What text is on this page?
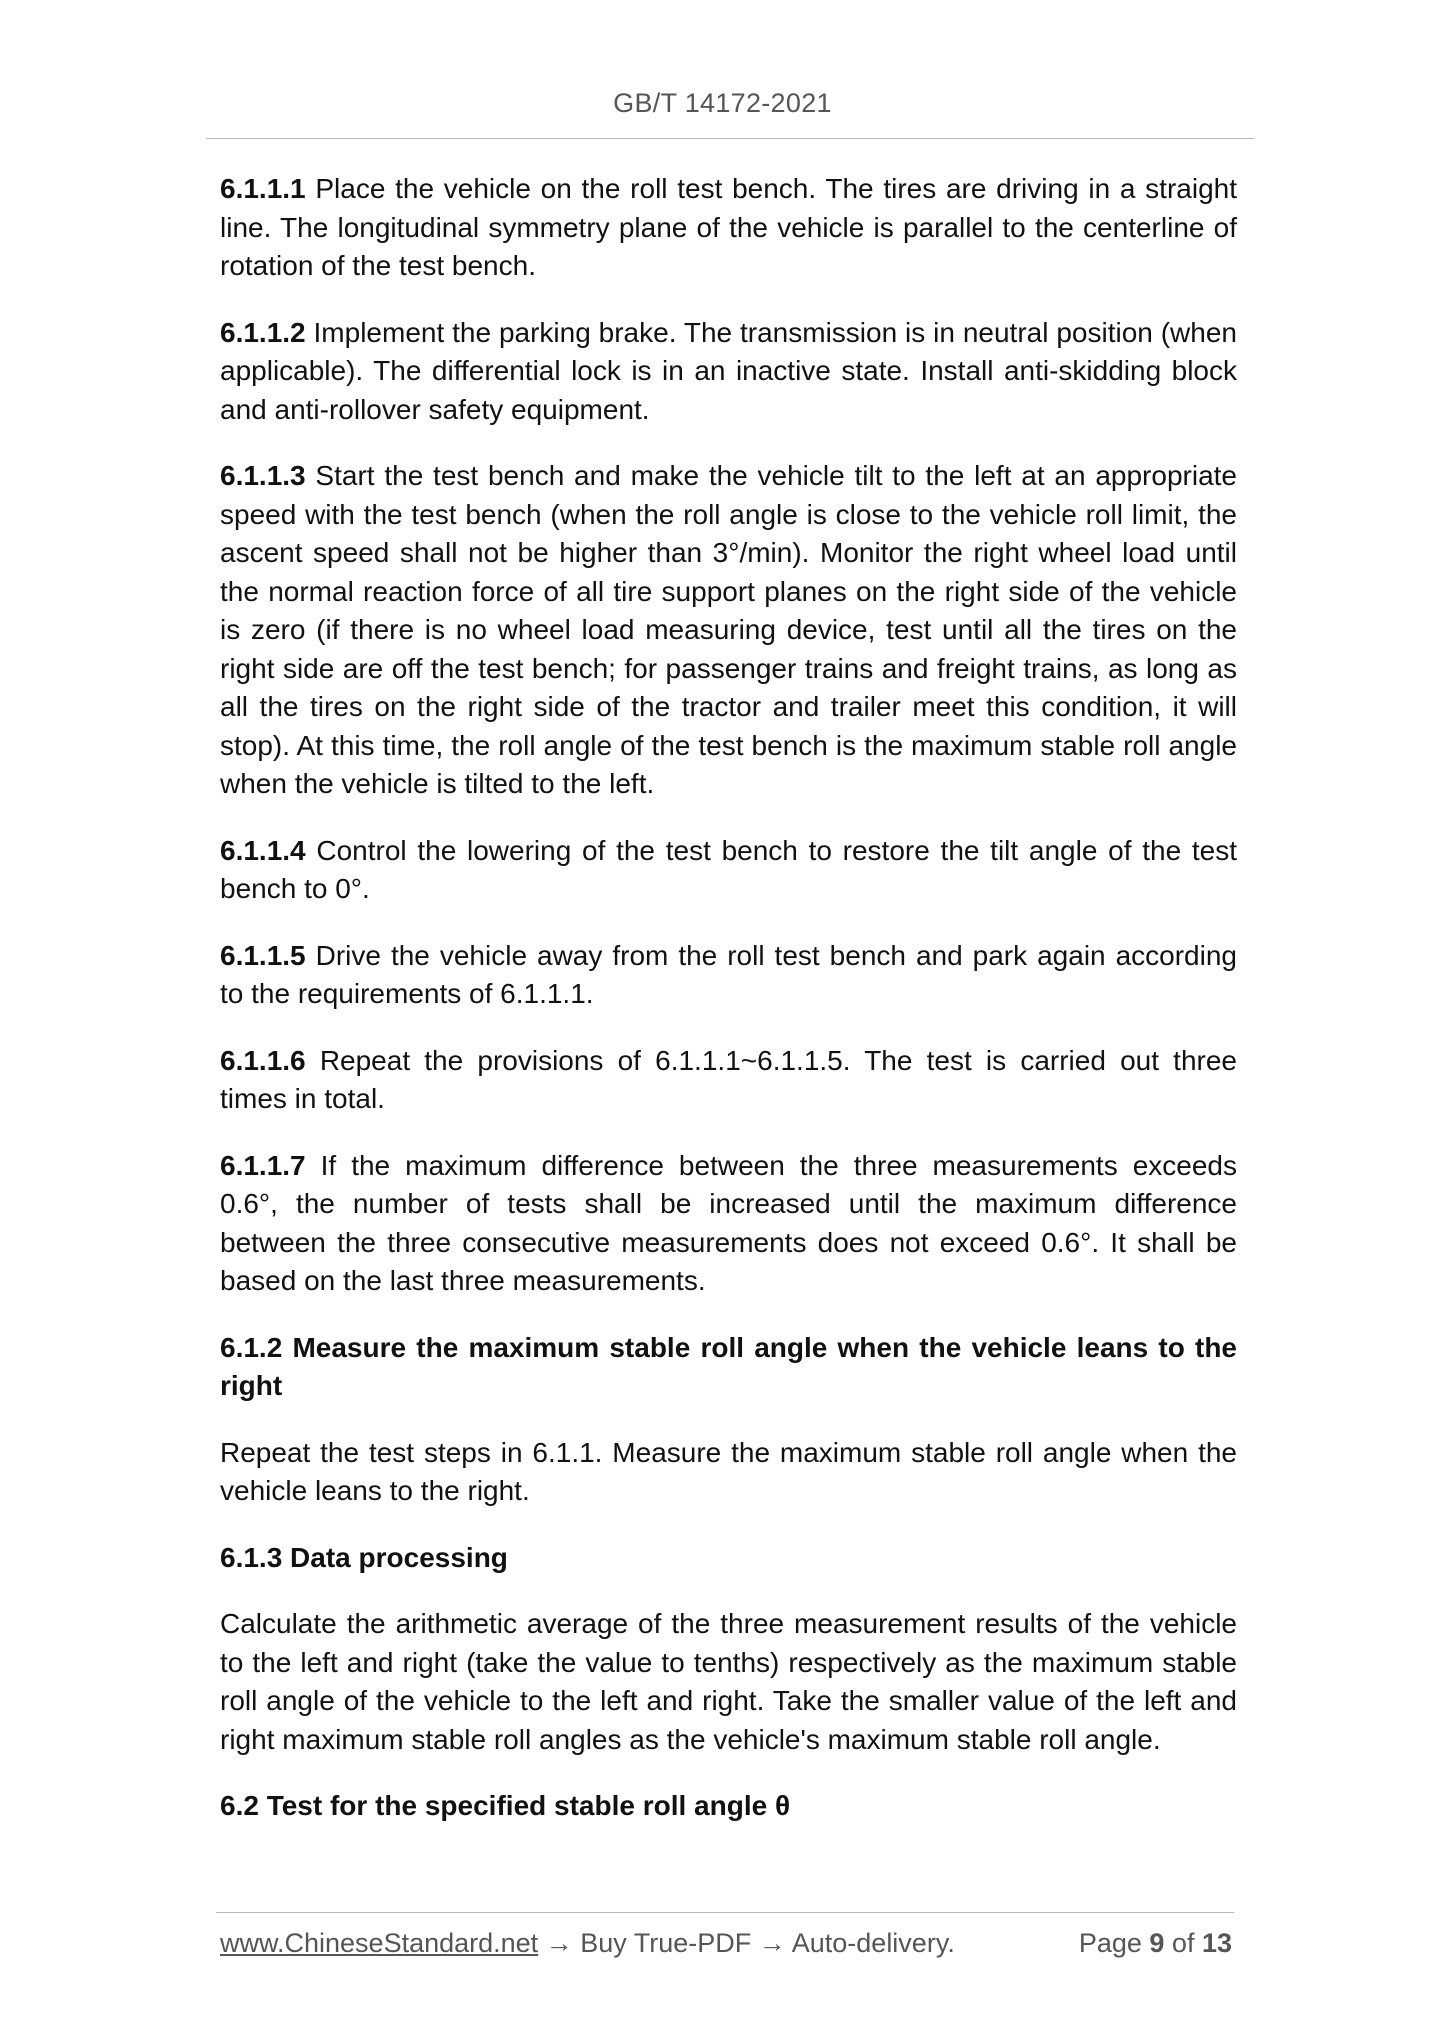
GB/T 14172-2021

6.1.1.1 Place the vehicle on the roll test bench. The tires are driving in a straight line. The longitudinal symmetry plane of the vehicle is parallel to the centerline of rotation of the test bench.

6.1.1.2 Implement the parking brake. The transmission is in neutral position (when applicable). The differential lock is in an inactive state. Install anti-skidding block and anti-rollover safety equipment.

6.1.1.3 Start the test bench and make the vehicle tilt to the left at an appropriate speed with the test bench (when the roll angle is close to the vehicle roll limit, the ascent speed shall not be higher than 3°/min). Monitor the right wheel load until the normal reaction force of all tire support planes on the right side of the vehicle is zero (if there is no wheel load measuring device, test until all the tires on the right side are off the test bench; for passenger trains and freight trains, as long as all the tires on the right side of the tractor and trailer meet this condition, it will stop). At this time, the roll angle of the test bench is the maximum stable roll angle when the vehicle is tilted to the left.

6.1.1.4 Control the lowering of the test bench to restore the tilt angle of the test bench to 0°.

6.1.1.5 Drive the vehicle away from the roll test bench and park again according to the requirements of 6.1.1.1.

6.1.1.6 Repeat the provisions of 6.1.1.1~6.1.1.5. The test is carried out three times in total.

6.1.1.7 If the maximum difference between the three measurements exceeds 0.6°, the number of tests shall be increased until the maximum difference between the three consecutive measurements does not exceed 0.6°. It shall be based on the last three measurements.

6.1.2 Measure the maximum stable roll angle when the vehicle leans to the right

Repeat the test steps in 6.1.1. Measure the maximum stable roll angle when the vehicle leans to the right.

6.1.3 Data processing

Calculate the arithmetic average of the three measurement results of the vehicle to the left and right (take the value to tenths) respectively as the maximum stable roll angle of the vehicle to the left and right. Take the smaller value of the left and right maximum stable roll angles as the vehicle's maximum stable roll angle.

6.2 Test for the specified stable roll angle θ

www.ChineseStandard.net → Buy True-PDF → Auto-delivery.	Page 9 of 13
